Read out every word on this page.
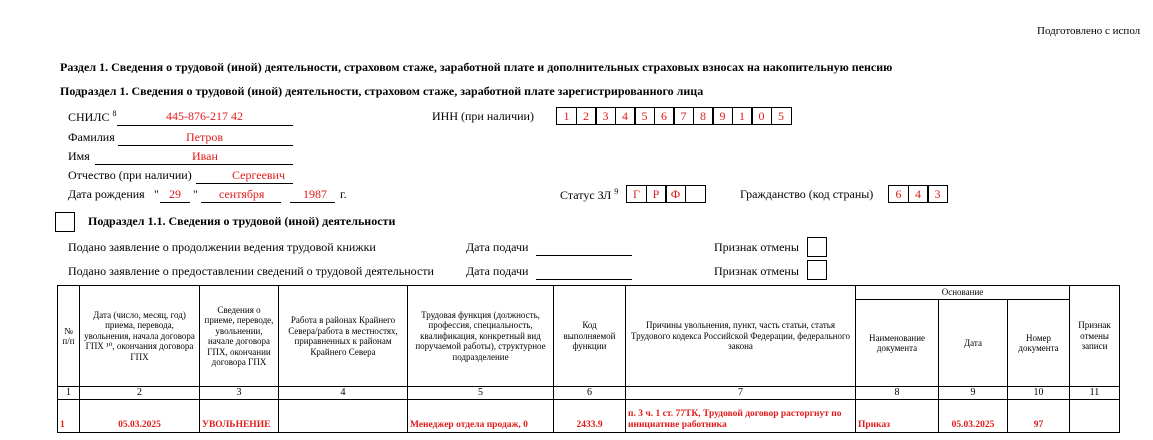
Подготовлено с испол
Раздел 1. Сведения о трудовой (иной) деятельности, страховом стаже, заработной плате и дополнительных страховых взносах на накопительную пенсию
Подраздел 1. Сведения о трудовой (иной) деятельности, страховом стаже, заработной плате зарегистрированного лица
СНИЛС $^8$	445-876-217 42
Фамилия	Петров
Имя	Иван
Отчество (при наличии)	Сергеевич
Дата рождения " 29 " сентября	1987 г.
ИНН (при наличии)	1	2	3	4	5	6	7	8	9	1	0	5
Статус ЗЛ $^9$	Г	Р Ф	Гражданство (код страны)	6	4	3
Подраздел 1.1. Сведения о трудовой (иной) деятельности
Подано заявление о продолжении ведения трудовой книжки	Дата подачи	Признак отмены
Подано заявление о предоставлении сведений о трудовой деятельности	Дата подачи	Признак отмены
№ п/п	Дата (число, месяц, год) приема, перевода, увольнения, начала договора ГПХ ¹⁰, окончания договора ГПХ	Сведения о приеме, переводе, увольнении, начале договора ГПХ, окончании договора ГПХ	Работа в районах Крайнего Севера/работа в местностях, приравненных к районам Крайнего Севера	Трудовая функция (должность, профессия, специальность, квалификация, конкретный вид поручаемой работы), структурное подразделение	Код выполняемой функции	Причины увольнения, пункт, часть статьи, статья Трудового кодекса Российской Федерации, федерального закона	Основание			Признак отмены записи
							Наименование документа	Дата	Номер документа	
1	2	3	4	5	6	7	8	9	10	11
1	05.03.2025	УВОЛЬНЕНИЕ		Менеджер отдела продаж, 0	2433.9	п. 3 ч. 1 ст. 77ТК, Трудовой договор расторгнут по инициативе работника	Приказ	05.03.2025	97	
